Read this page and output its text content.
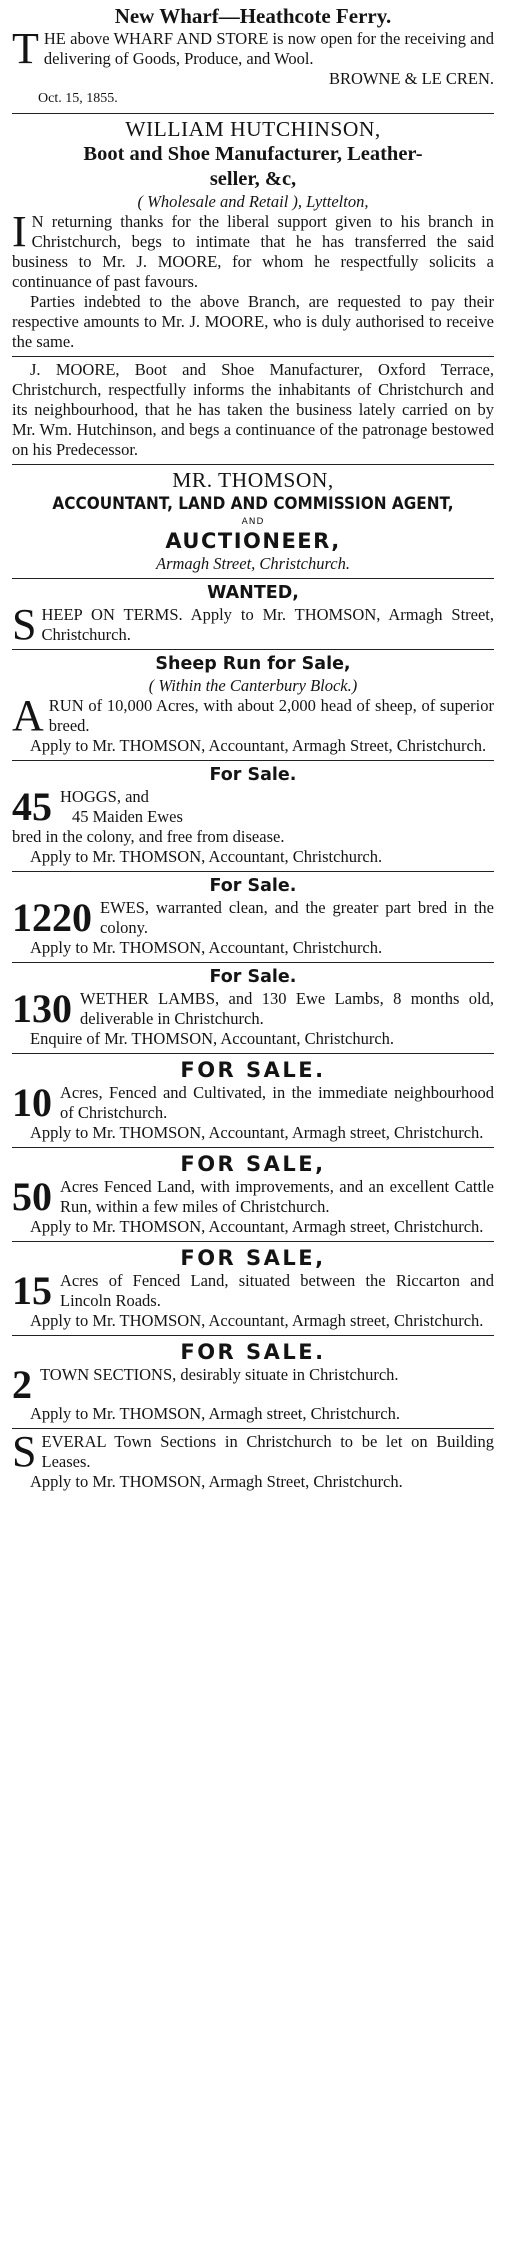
New Wharf—Heathcote Ferry.

THE above WHARF AND STORE is now open for the receiving and delivering of Goods, Produce, and Wool.

BROWNE & LE CREN.

Oct. 15, 1855.

WILLIAM HUTCHINSON,
Boot and Shoe Manufacturer, Leather-
seller, &c,
( Wholesale and Retail ), Lyttelton,

I N returning thanks for the liberal support given to his branch in Christchurch, begs to intimate that he has transferred the said business to Mr. J. MOORE, for whom he respectfully solicits a continuance of past favours.

Parties indebted to the above Branch, are requested to pay their respective amounts to Mr. J. MOORE, who is duly authorised to receive the same.

J. MOORE, Boot and Shoe Manufacturer, Oxford Terrace, Christchurch, respectfully informs the inhabitants of Christchurch and its neighbourhood, that he has taken the business lately carried on by Mr. Wm. Hutchinson, and begs a continuance of the patronage bestowed on his Predecessor.

MR. THOMSON,
ACCOUNTANT, LAND AND COMMISSION AGENT,
AND
AUCTIONEER,
Armagh Street, Christchurch.
WANTED,

SHEEP ON TERMS. Apply to Mr. THOMSON, Armagh Street, Christchurch.

Sheep Run for Sale,
( Within the Canterbury Block.)

ARUN of 10,000 Acres, with about 2,000 head of sheep, of superior breed.

Apply to Mr. THOMSON, Accountant, Armagh Street, Christchurch.

For Sale.

45 HOGGS, and
45 Maiden Ewes

bred in the colony, and free from disease.

Apply to Mr. THOMSON, Accountant, Christchurch.

For Sale.

1220 EWES, warranted clean, and the greater part bred in the colony.

Apply to Mr. THOMSON, Accountant, Christchurch.

For Sale.

130 WETHER LAMBS, and 130 Ewe Lambs, 8 months old, deliverable in Christchurch.

Enquire of Mr. THOMSON, Accountant, Christchurch.

FOR SALE.

10 Acres, Fenced and Cultivated, in the immediate neighbourhood of Christchurch.

Apply to Mr. THOMSON, Accountant, Armagh street, Christchurch.

FOR SALE,

50 Acres Fenced Land, with improvements, and an excellent Cattle Run, within a few miles of Christchurch.

Apply to Mr. THOMSON, Accountant, Armagh street, Christchurch.

FOR SALE,

15 Acres of Fenced Land, situated between the Riccarton and Lincoln Roads.

Apply to Mr. THOMSON, Accountant, Armagh street, Christchurch.

FOR SALE.

2 TOWN SECTIONS, desirably situate in Christchurch.

Apply to Mr. THOMSON, Armagh street, Christchurch.

SEVERAL Town Sections in Christchurch to be let on Building Leases.

Apply to Mr. THOMSON, Armagh Street, Christchurch.
